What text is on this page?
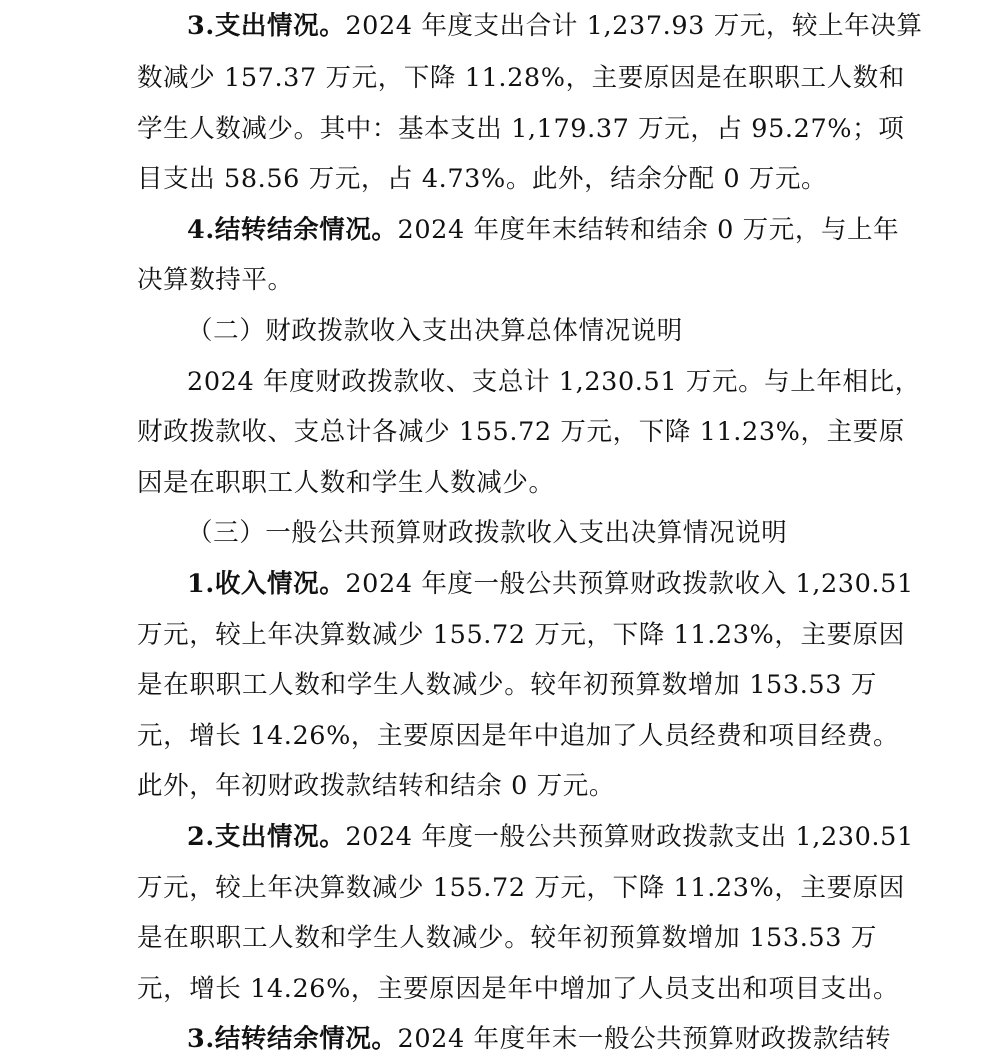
3.支出情况。2024 年度支出合计 1,237.93 万元，较上年决算
数减少 157.37 万元，下降 11.28%，主要原因是在职职工人数和
学生人数减少。其中：基本支出 1,179.37 万元，占 95.27%；项
目支出 58.56 万元，占 4.73%。此外，结余分配 0 万元。
4.结转结余情况。2024 年度年末结转和结余 0 万元，与上年
决算数持平。
（二）财政拨款收入支出决算总体情况说明
2024 年度财政拨款收、支总计 1,230.51 万元。与上年相比，
财政拨款收、支总计各减少 155.72 万元，下降 11.23%，主要原
因是在职职工人数和学生人数减少。
（三）一般公共预算财政拨款收入支出决算情况说明
1.收入情况。2024 年度一般公共预算财政拨款收入 1,230.51
万元，较上年决算数减少 155.72 万元，下降 11.23%，主要原因
是在职职工人数和学生人数减少。较年初预算数增加 153.53 万
元，增长 14.26%，主要原因是年中追加了人员经费和项目经费。
此外，年初财政拨款结转和结余 0 万元。
2.支出情况。2024 年度一般公共预算财政拨款支出 1,230.51
万元，较上年决算数减少 155.72 万元，下降 11.23%，主要原因
是在职职工人数和学生人数减少。较年初预算数增加 153.53 万
元，增长 14.26%，主要原因是年中增加了人员支出和项目支出。
3.结转结余情况。2024 年度年末一般公共预算财政拨款结转
